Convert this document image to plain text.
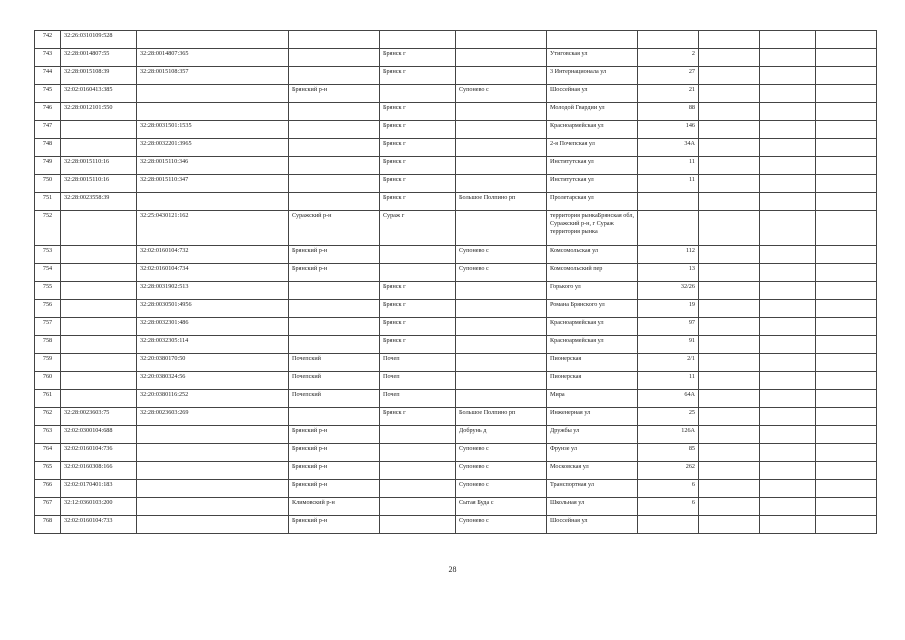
742	32:26:0310109:528									
743	32:28:0014807:55	32:28:0014807:365		Брянск г		Утиговская ул	2			
744	32:28:0015108:39	32:28:0015108:357		Брянск г		3 Интернационала ул	27			
745	32:02:0160413:385		Брянский р-н		Супонево с	Шоссейная ул	21			
746	32:28:0012101:550			Брянск г		Молодой Гвардии ул	88			
747		32:28:0031501:1535		Брянск г		Красноармейская ул	146			
748		32:28:0032201:3965		Брянск г		2-я Почепская ул	34А			
749	32:28:0015110:16	32:28:0015110:346		Брянск г		Институтская ул	11			
750	32:28:0015110:16	32:28:0015110:347		Брянск г		Институтская ул	11			
751	32:28:0023558:39			Брянск г	Большое Полпино рп	Пролетарская ул				
752		32:25:0430121:162	Суражский р-н	Сураж г		территория рынкаБрянская обл, Суражский р-н, г Сураж территория рынка				
753		32:02:0160104:732	Брянский р-н		Супонево с	Комсомольская ул	112			
754		32:02:0160104:734	Брянский р-н		Супонево с	Комсомольский пер	13			
755		32:28:0031902:513		Брянск г		Горького ул	32/26			
756		32:28:0030501:4956		Брянск г		Романа Брянского ул	19			
757		32:28:0032301:486		Брянск г		Красноармейская ул	97			
758		32:28:0032305:114		Брянск г		Красноармейская ул	91			
759		32:20:0380170:50	Почепский	Почеп		Пионерская	2/1			
760		32:20:0380324:56	Почепский	Почеп		Пионерская	11			
761		32:20:0380116:252	Почепский	Почеп		Мира	64А			
762	32:28:0023603:75	32:28:0023603:269		Брянск г	Большое Полпино рп	Инженерная ул	25			
763	32:02:0300104:688		Брянский р-н		Добрунь д	Дружбы ул	126А			
764	32:02:0160104:736		Брянский р-н		Супонево с	Фрунзе ул	85			
765	32:02:0160308:166		Брянский р-н		Супонево с	Московская ул	262			
766	32:02:0170401:183		Брянский р-н		Супонево с	Транспортная ул	6			
767	32:12:0360103:200		Климовский р-н		Сытая Буда с	Школьная ул	6			
768	32:02:0160104:733		Брянский р-н		Супонево с	Шоссейная ул				
28
